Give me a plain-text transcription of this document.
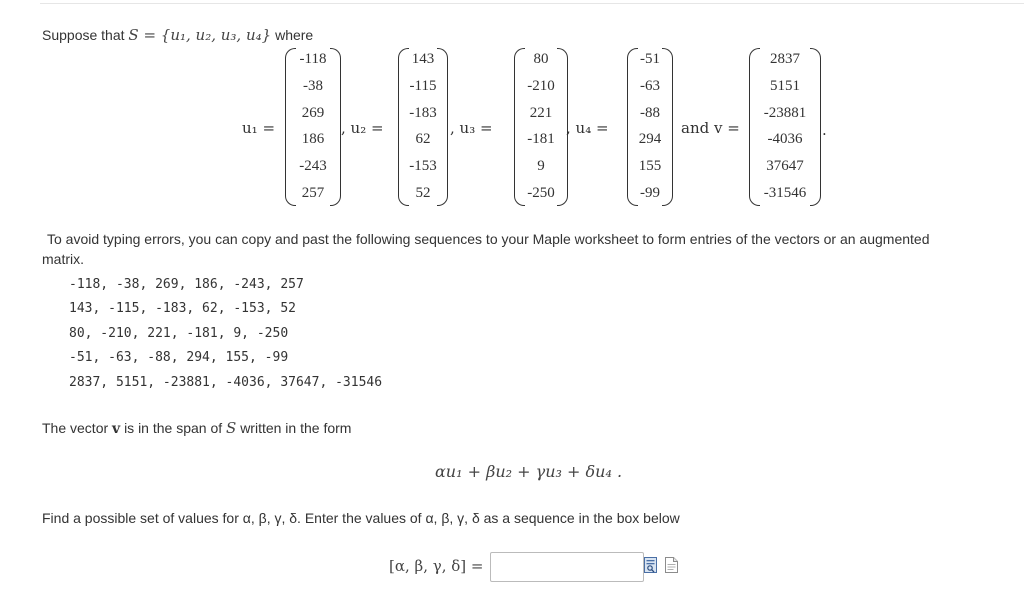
Suppose that S = {u₁, u₂, u₃, u₄} where
u₁ =
-118
-38
269
186
-243
257
, u₂ =
143
-115
-183
62
-153
52
, u₃ =
80
-210
221
-181
9
-250
, u₄ =
-51
-63
-88
294
155
-99
and v =
2837
5151
-23881
-4036
37647
-31546
.
To avoid typing errors, you can copy and past the following sequences to your Maple worksheet to form entries of the vectors or an augmented
matrix.
-118, -38, 269, 186, -243, 257
143, -115, -183, 62, -153, 52
80, -210, 221, -181, 9, -250
-51, -63, -88, 294, 155, -99
2837, 5151, -23881, -4036, 37647, -31546
The vector v is in the span of S written in the form
αu₁ + βu₂ + γu₃ + δu₄ .
Find a possible set of values for α, β, γ, δ. Enter the values of α, β, γ, δ as a sequence in the box below
[α, β, γ, δ] =
